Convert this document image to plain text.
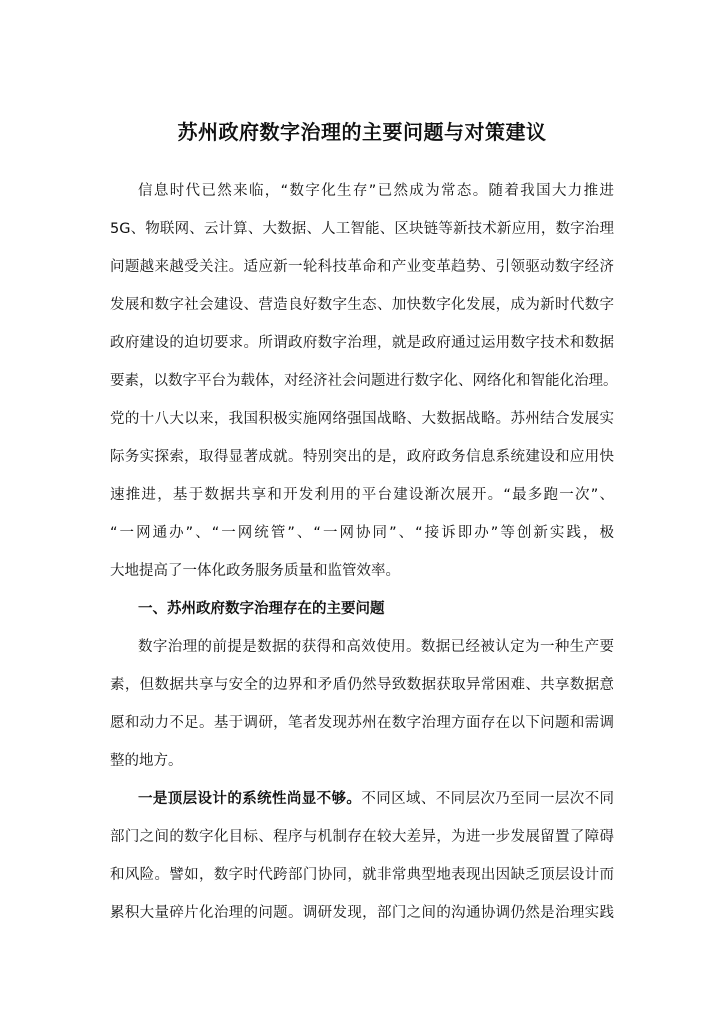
苏州政府数字治理的主要问题与对策建议
信息时代已然来临，“数字化生存”已然成为常态。随着我国大力推进
5G、物联网、云计算、大数据、人工智能、区块链等新技术新应用，数字治理
问题越来越受关注。适应新一轮科技革命和产业变革趋势、引领驱动数字经济
发展和数字社会建设、营造良好数字生态、加快数字化发展，成为新时代数字
政府建设的迫切要求。所谓政府数字治理，就是政府通过运用数字技术和数据
要素，以数字平台为载体，对经济社会问题进行数字化、网络化和智能化治理。
党的十八大以来，我国积极实施网络强国战略、大数据战略。苏州结合发展实
际务实探索，取得显著成就。特别突出的是，政府政务信息系统建设和应用快
速推进，基于数据共享和开发利用的平台建设渐次展开。“最多跑一次”、
“一网通办”、“一网统管”、“一网协同”、“接诉即办”等创新实践，极
大地提高了一体化政务服务质量和监管效率。
一、苏州政府数字治理存在的主要问题
数字治理的前提是数据的获得和高效使用。数据已经被认定为一种生产要
素，但数据共享与安全的边界和矛盾仍然导致数据获取异常困难、共享数据意
愿和动力不足。基于调研，笔者发现苏州在数字治理方面存在以下问题和需调
整的地方。
一是顶层设计的系统性尚显不够。不同区域、不同层次乃至同一层次不同
部门之间的数字化目标、程序与机制存在较大差异，为进一步发展留置了障碍
和风险。譬如，数字时代跨部门协同，就非常典型地表现出因缺乏顶层设计而
累积大量碎片化治理的问题。调研发现，部门之间的沟通协调仍然是治理实践
